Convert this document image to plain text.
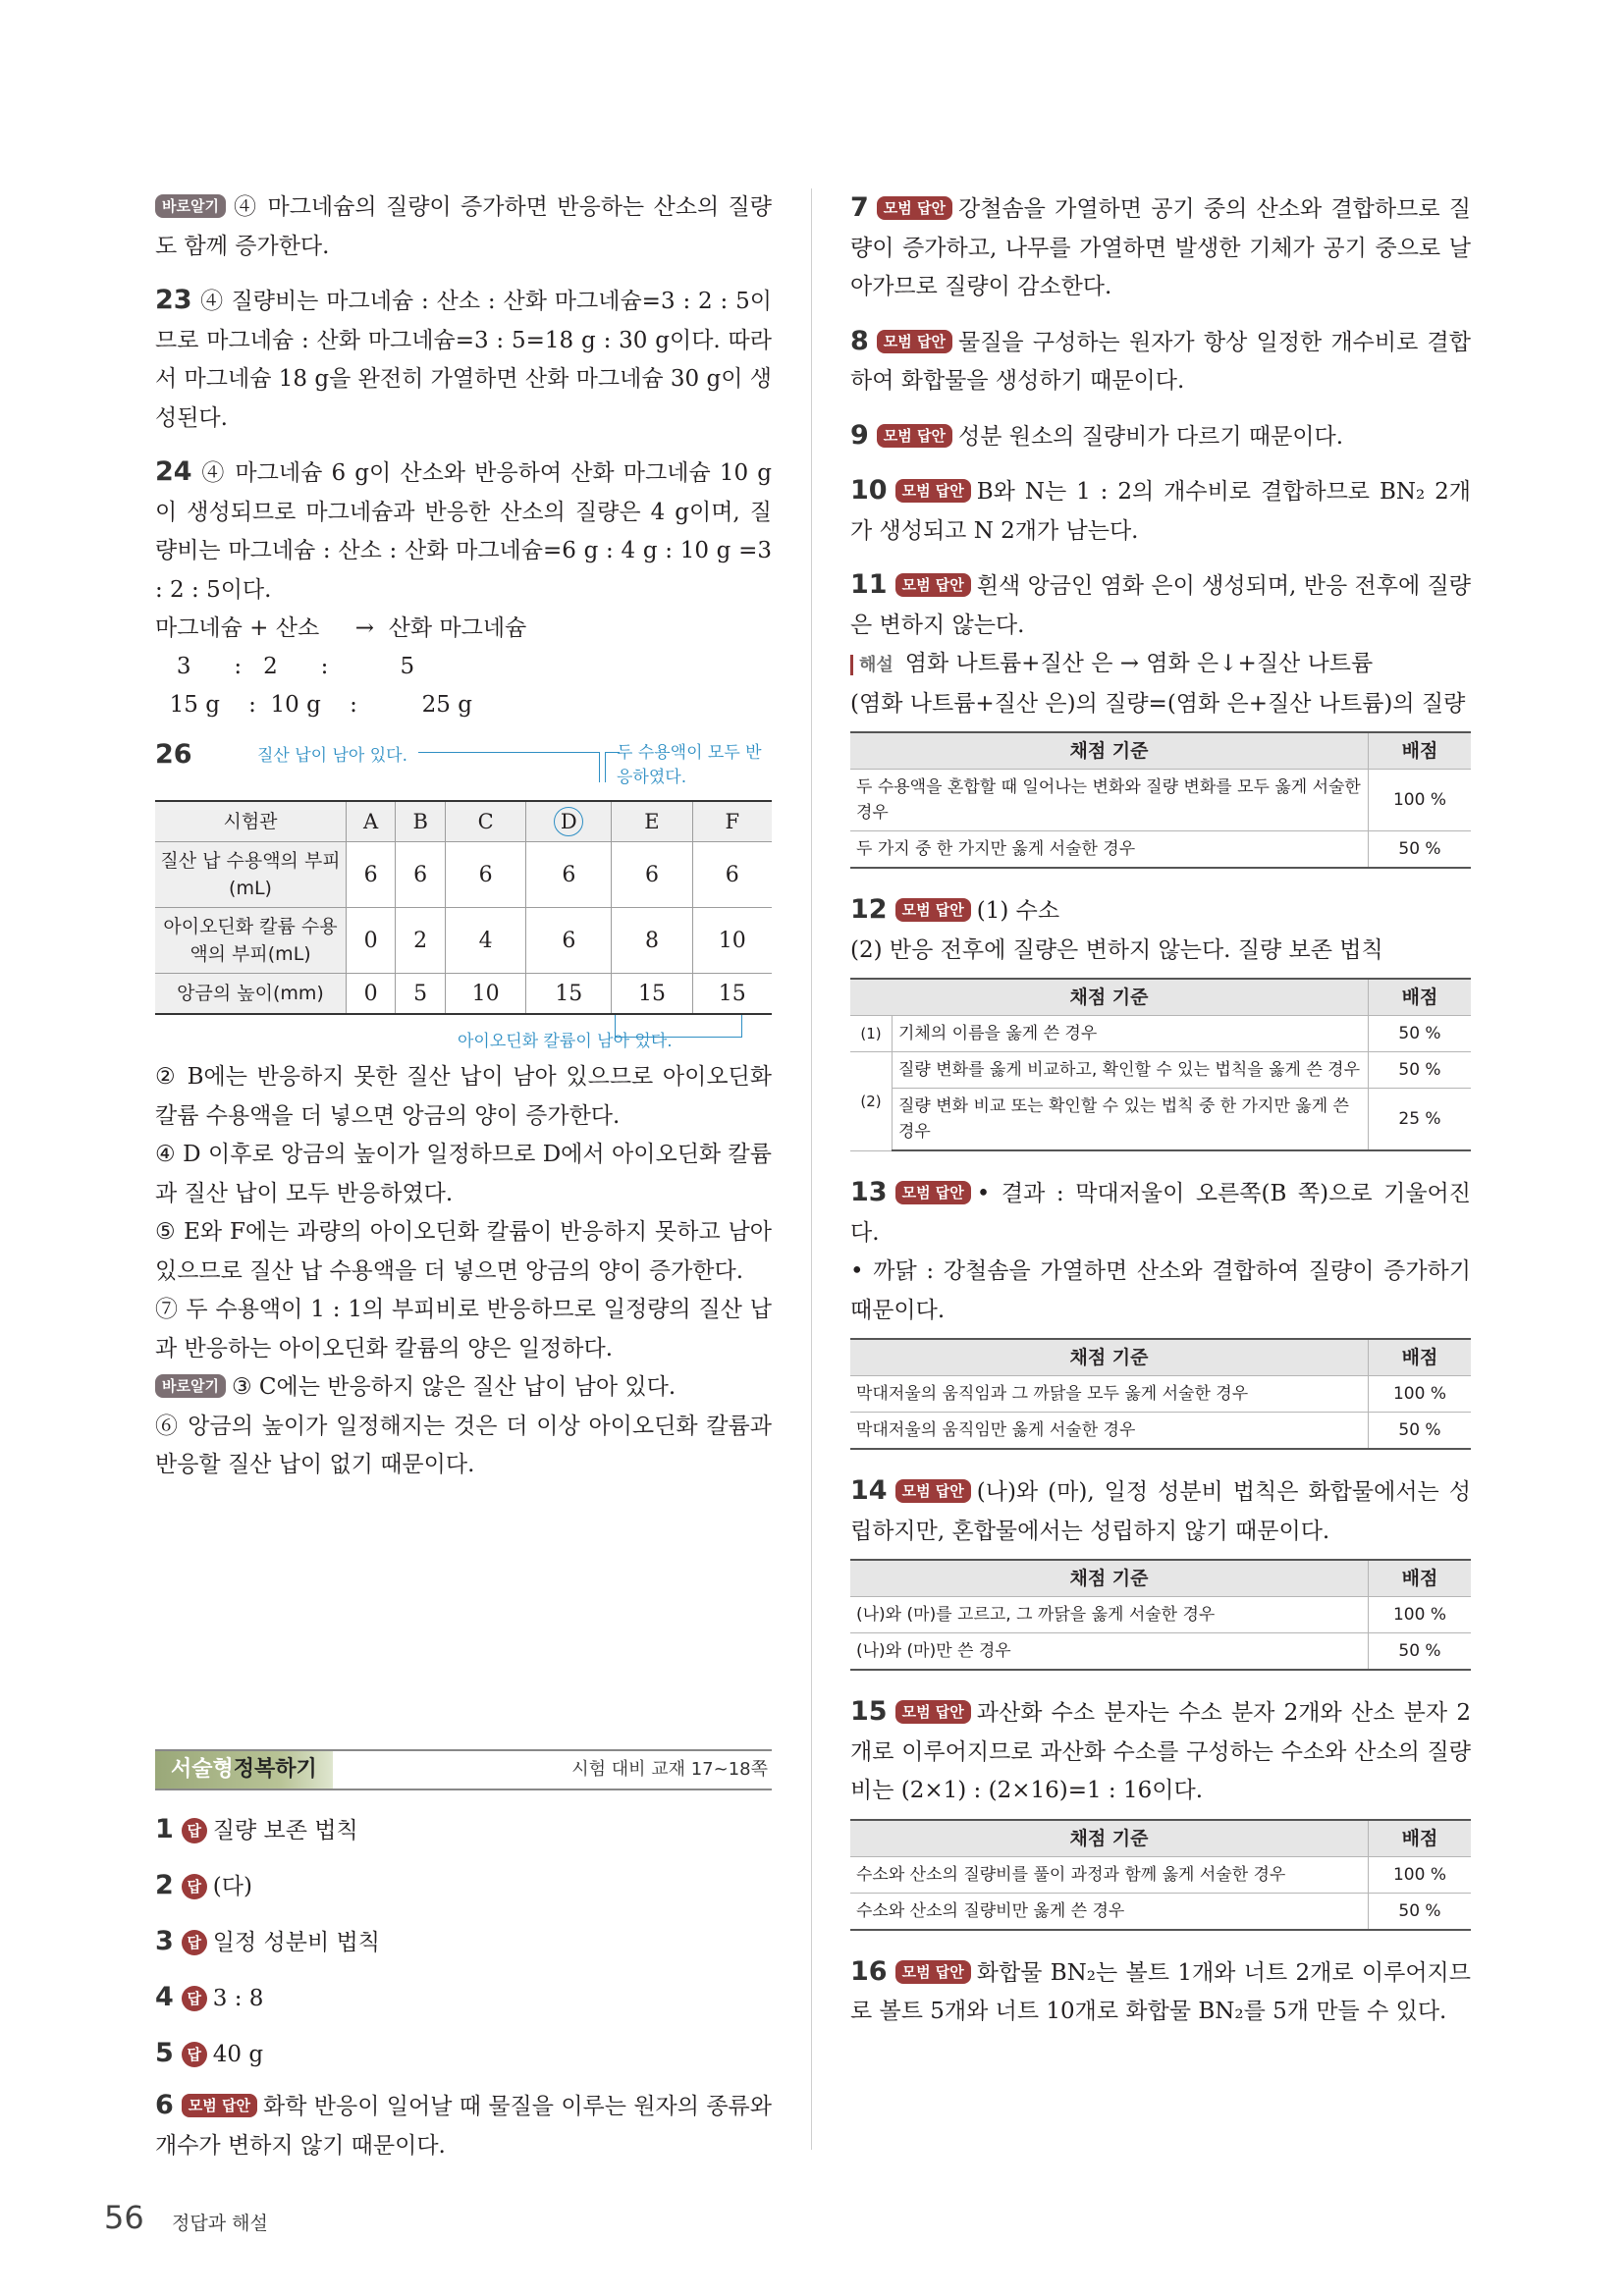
바로알기 ④ 마그네슘의 질량이 증가하면 반응하는 산소의 질량도 함께 증가한다.

23 ④ 질량비는 마그네슘 : 산소 : 산화 마그네슘=3 : 2 : 5이므로 마그네슘 : 산화 마그네슘=3 : 5=18 g : 30 g이다. 따라서 마그네슘 18 g을 완전히 가열하면 산화 마그네슘 30 g이 생성된다.

24 ④ 마그네슘 6 g이 산소와 반응하여 산화 마그네슘 10 g이 생성되므로 마그네슘과 반응한 산소의 질량은 4 g이며, 질량비는 마그네슘 : 산소 : 산화 마그네슘=6 g : 4 g : 10 g =3 : 2 : 5이다.

마그네슘 + 산소     →  산화 마그네슘
3      :   2      :          5
15 g    :  10 g    :         25 g
26	질산 납이 남아 있다.	두 수용액이 모두 반응하였다.
시험관	A	B	C	D	E	F
질산 납 수용액의 부피(mL)	6	6	6	6	6	6
아이오딘화 칼륨 수용액의 부피(mL)	0	2	4	6	8	10
앙금의 높이(mm)	0	5	10	15	15	15
아이오딘화 칼륨이 남아 있다.

② B에는 반응하지 못한 질산 납이 남아 있으므로 아이오딘화 칼륨 수용액을 더 넣으면 앙금의 양이 증가한다.

④ D 이후로 앙금의 높이가 일정하므로 D에서 아이오딘화 칼륨과 질산 납이 모두 반응하였다.

⑤ E와 F에는 과량의 아이오딘화 칼륨이 반응하지 못하고 남아 있으므로 질산 납 수용액을 더 넣으면 앙금의 양이 증가한다.

⑦ 두 수용액이 1 : 1의 부피비로 반응하므로 일정량의 질산 납과 반응하는 아이오딘화 칼륨의 양은 일정하다.

바로알기 ③ C에는 반응하지 않은 질산 납이 남아 있다.

⑥ 앙금의 높이가 일정해지는 것은 더 이상 아이오딘화 칼륨과 반응할 질산 납이 없기 때문이다.

서술형정복하기	시험 대비 교재 17~18쪽

1 답 질량 보존 법칙

2 답 (다)

3 답 일정 성분비 법칙

4 답 3 : 8

5 답 40 g

6 모범 답안 화학 반응이 일어날 때 물질을 이루는 원자의 종류와 개수가 변하지 않기 때문이다.

7 모범 답안 강철솜을 가열하면 공기 중의 산소와 결합하므로 질량이 증가하고, 나무를 가열하면 발생한 기체가 공기 중으로 날아가므로 질량이 감소한다.

8 모범 답안 물질을 구성하는 원자가 항상 일정한 개수비로 결합하여 화합물을 생성하기 때문이다.

9 모범 답안 성분 원소의 질량비가 다르기 때문이다.

10 모범 답안 B와 N는 1 : 2의 개수비로 결합하므로 BN₂ 2개가 생성되고 N 2개가 남는다.

11 모범 답안 흰색 앙금인 염화 은이 생성되며, 반응 전후에 질량은 변하지 않는다.

해설 염화 나트륨+질산 은 → 염화 은↓+질산 나트륨

(염화 나트륨+질산 은)의 질량=(염화 은+질산 나트륨)의 질량

채점 기준	배점
두 수용액을 혼합할 때 일어나는 변화와 질량 변화를 모두 옳게 서술한 경우	100 %
두 가지 중 한 가지만 옳게 서술한 경우	50 %

12 모범 답안 (1) 수소

(2) 반응 전후에 질량은 변하지 않는다. 질량 보존 법칙

채점 기준		배점
(1)	기체의 이름을 옳게 쓴 경우	50 %
(2)	질량 변화를 옳게 비교하고, 확인할 수 있는 법칙을 옳게 쓴 경우	50 %
	질량 변화 비교 또는 확인할 수 있는 법칙 중 한 가지만 옳게 쓴 경우	25 %

13 모범 답안 • 결과 : 막대저울이 오른쪽(B 쪽)으로 기울어진다.

• 까닭 : 강철솜을 가열하면 산소와 결합하여 질량이 증가하기 때문이다.

채점 기준	배점
막대저울의 움직임과 그 까닭을 모두 옳게 서술한 경우	100 %
막대저울의 움직임만 옳게 서술한 경우	50 %

14 모범 답안 (나)와 (마), 일정 성분비 법칙은 화합물에서는 성립하지만, 혼합물에서는 성립하지 않기 때문이다.

채점 기준	배점
(나)와 (마)를 고르고, 그 까닭을 옳게 서술한 경우	100 %
(나)와 (마)만 쓴 경우	50 %

15 모범 답안 과산화 수소 분자는 수소 분자 2개와 산소 분자 2개로 이루어지므로 과산화 수소를 구성하는 수소와 산소의 질량비는 (2×1) : (2×16)=1 : 16이다.

채점 기준	배점
수소와 산소의 질량비를 풀이 과정과 함께 옳게 서술한 경우	100 %
수소와 산소의 질량비만 옳게 쓴 경우	50 %

16 모범 답안 화합물 BN₂는 볼트 1개와 너트 2개로 이루어지므로 볼트 5개와 너트 10개로 화합물 BN₂를 5개 만들 수 있다.

56 정답과 해설
